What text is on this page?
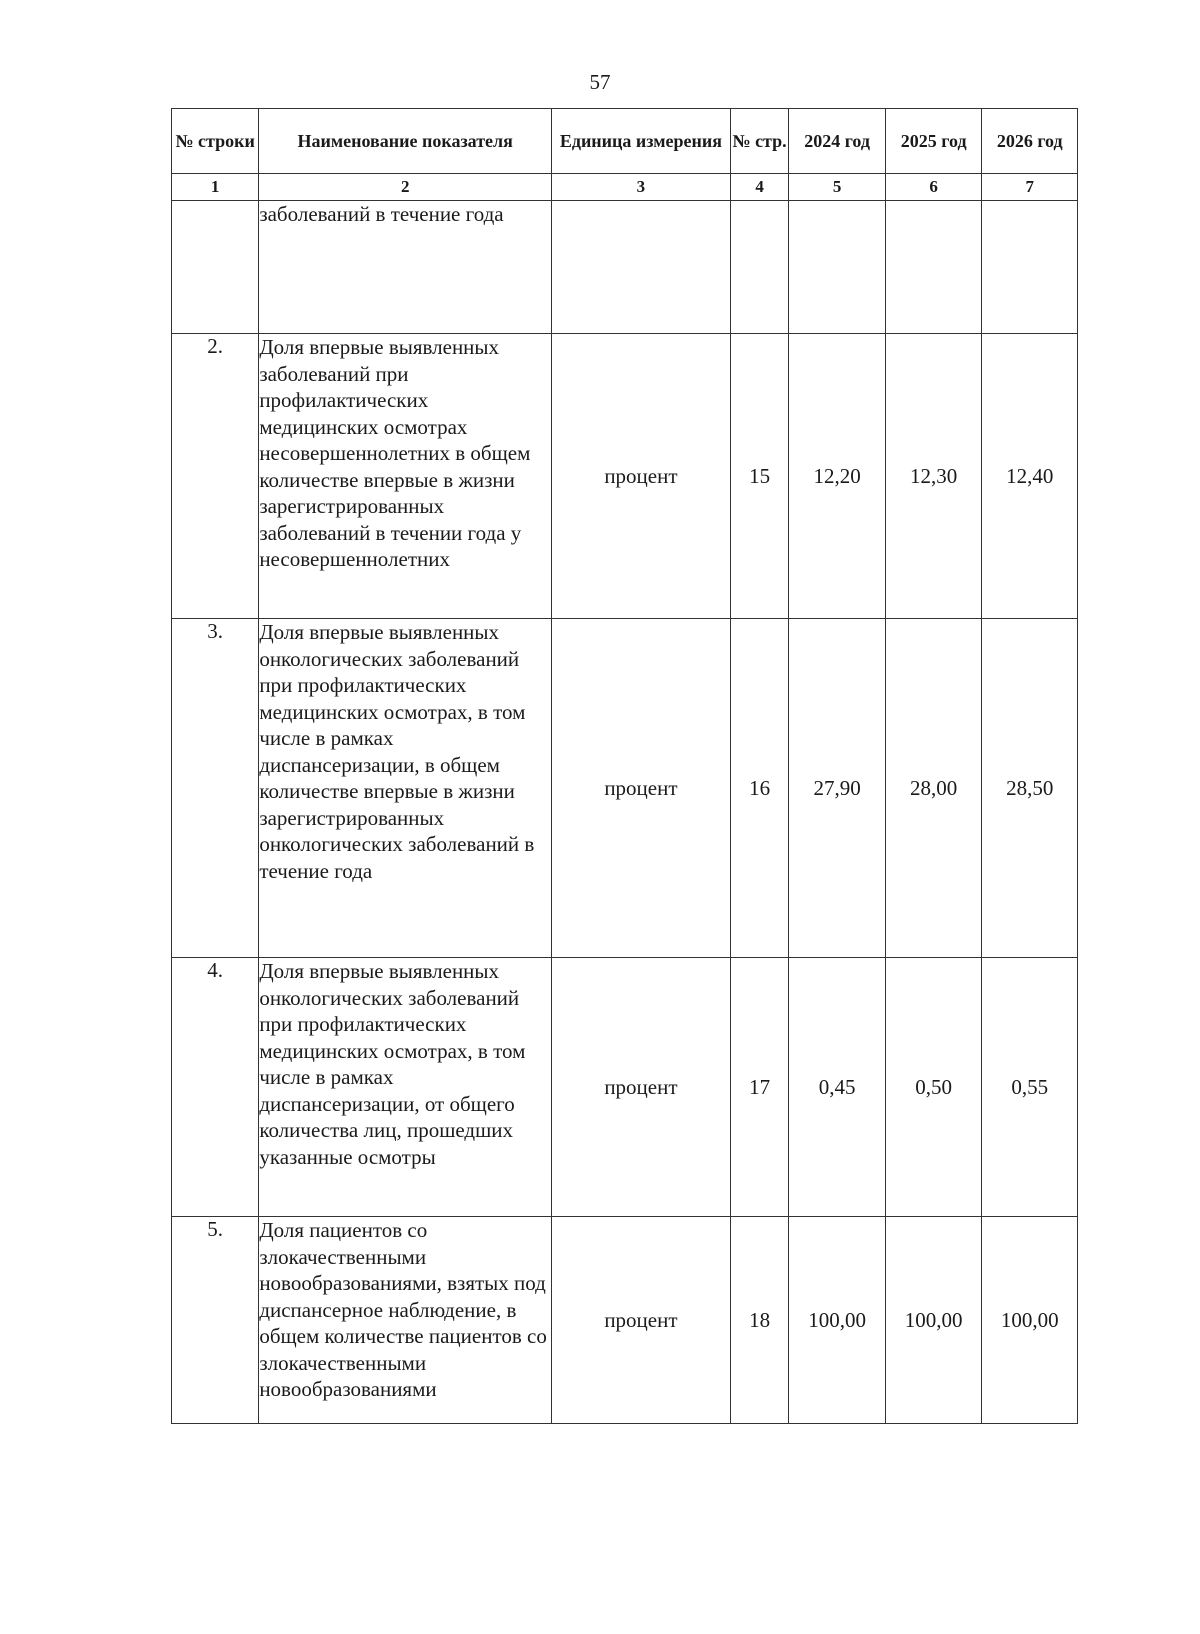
57
№ строки	Наименование показателя	Единица измерения	№ стр.	2024 год	2025 год	2026 год
1	2	3	4	5	6	7
	заболеваний в течение года					
2.	Доля впервые выявленных заболеваний при профилактических медицинских осмотрах несовершеннолетних в общем количестве впервые в жизни зарегистрированных заболеваний в течении года у несовершеннолетних	процент	15	12,20	12,30	12,40
3.	Доля впервые выявленных онкологических заболеваний при профилактических медицинских осмотрах, в том числе в рамках диспансеризации, в общем количестве впервые в жизни зарегистрированных онкологических заболеваний в течение года	процент	16	27,90	28,00	28,50
4.	Доля впервые выявленных онкологических заболеваний при профилактических медицинских осмотрах, в том числе в рамках диспансеризации, от общего количества лиц, прошедших указанные осмотры	процент	17	0,45	0,50	0,55
5.	Доля пациентов со злокачественными новообразованиями, взятых под диспансерное наблюдение, в общем количестве пациентов со злокачественными новообразованиями	процент	18	100,00	100,00	100,00
